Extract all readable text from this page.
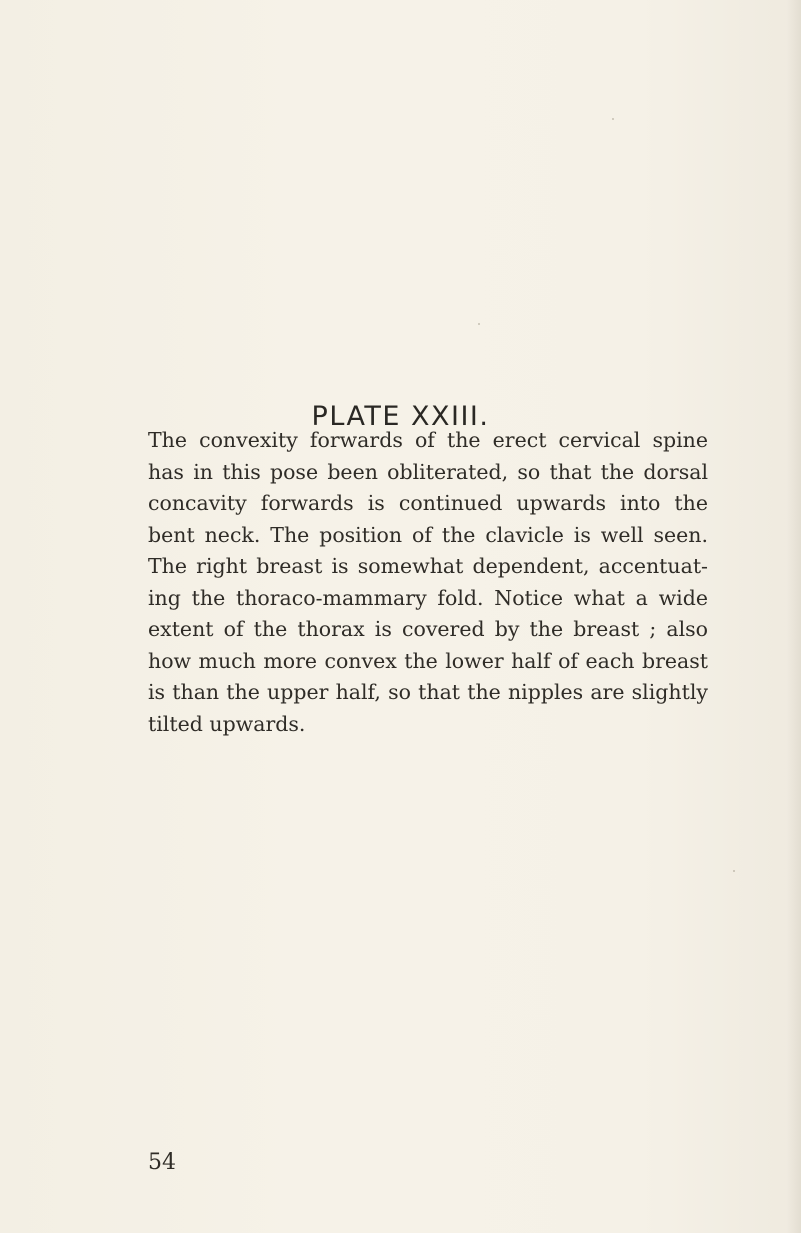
PLATE XXIII.
The convexity forwards of the erect cervical spine
has in this pose been obliterated, so that the dorsal
concavity forwards is continued upwards into the
bent neck. The position of the clavicle is well seen.
The right breast is somewhat dependent, accentuat-
ing the thoraco-mammary fold. Notice what a wide
extent of the thorax is covered by the breast ; also
how much more convex the lower half of each breast
is than the upper half, so that the nipples are slightly
tilted upwards.
54
